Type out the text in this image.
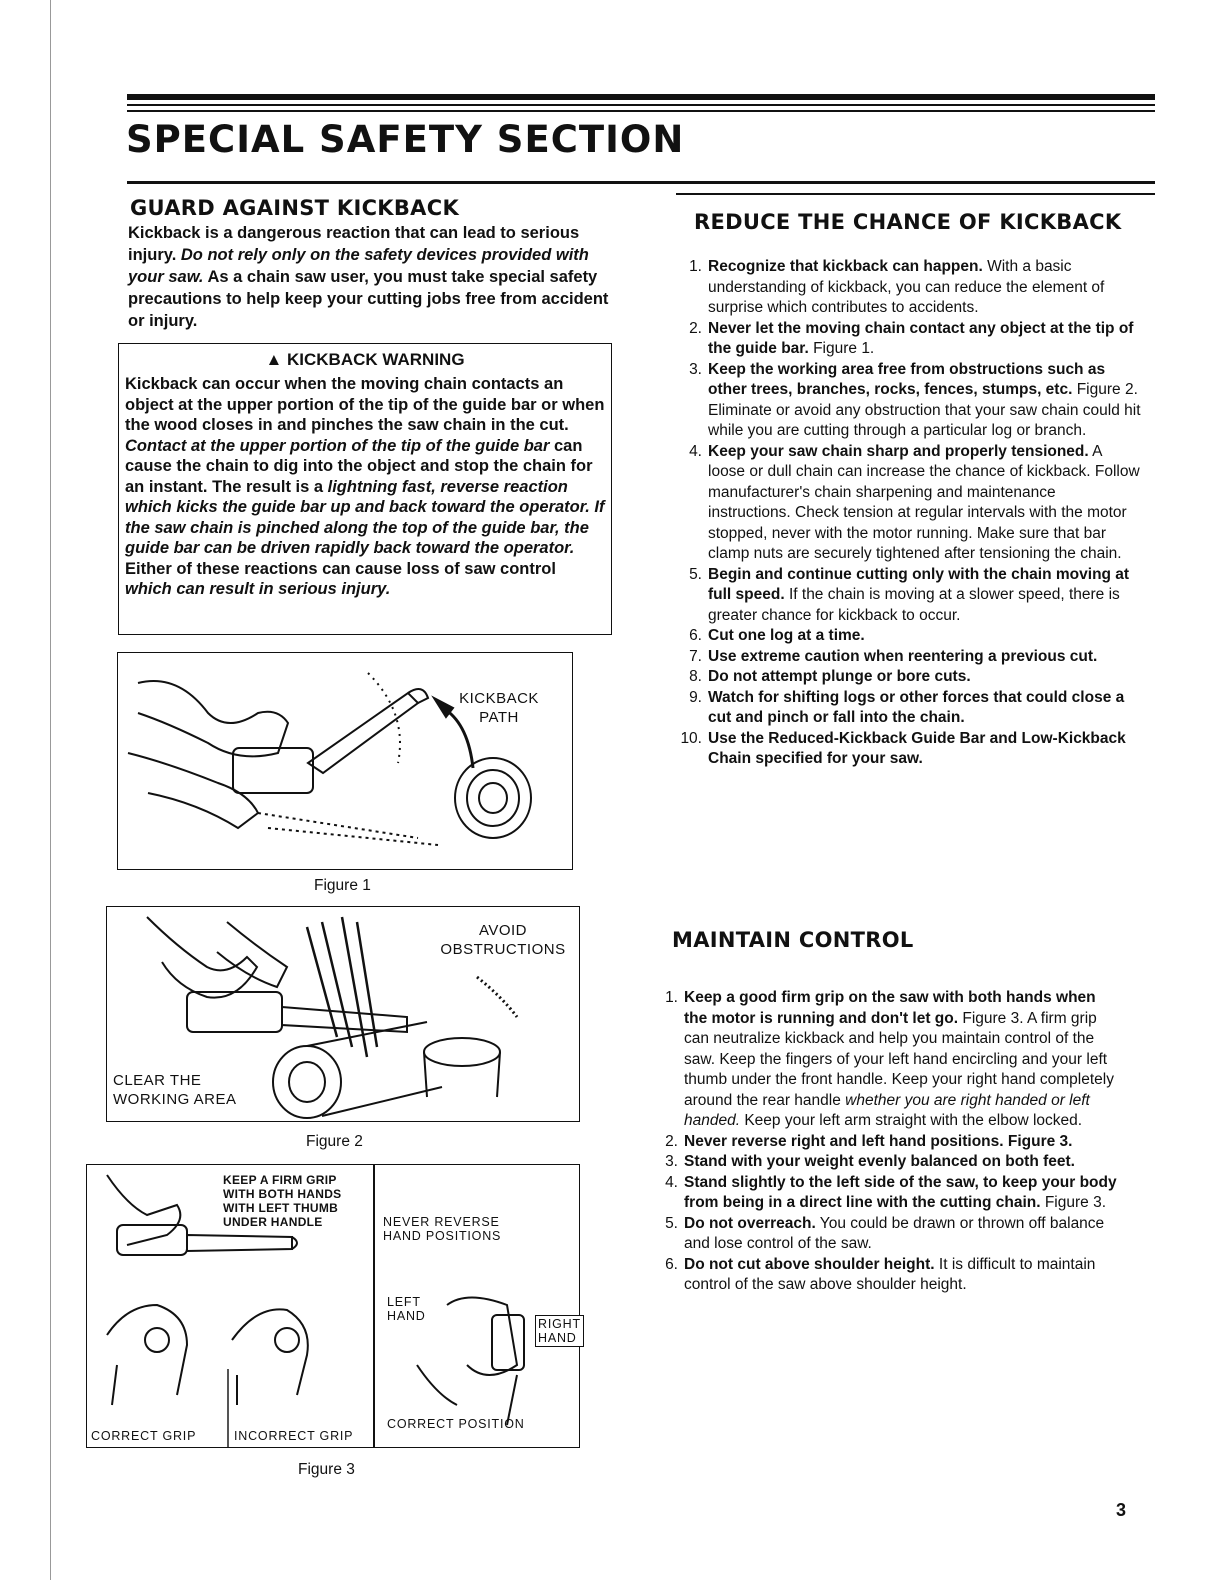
SPECIAL SAFETY SECTION
GUARD AGAINST KICKBACK

Kickback is a dangerous reaction that can lead to serious injury. Do not rely only on the safety devices provided with your saw. As a chain saw user, you must take special safety precautions to help keep your cutting jobs free from accident or injury.

▲ KICKBACK WARNING

Kickback can occur when the moving chain contacts an object at the upper portion of the tip of the guide bar or when the wood closes in and pinches the saw chain in the cut. Contact at the upper portion of the tip of the guide bar can cause the chain to dig into the object and stop the chain for an instant. The result is a lightning fast, reverse reaction which kicks the guide bar up and back toward the operator. If the saw chain is pinched along the top of the guide bar, the guide bar can be driven rapidly back toward the operator. Either of these reactions can cause loss of saw control which can result in serious injury.

KICKBACK
PATH
Figure 1
AVOID
OBSTRUCTIONS
CLEAR THE
WORKING AREA
Figure 2
KEEP A FIRM GRIP
WITH BOTH HANDS
WITH LEFT THUMB
UNDER HANDLE	NEVER REVERSE
HAND POSITIONS
LEFT
HAND
RIGHT
HAND
CORRECT GRIP	INCORRECT GRIP
CORRECT POSITION
Figure 3
REDUCE THE CHANCE OF KICKBACK
1. Recognize that kickback can happen. With a basic understanding of kickback, you can reduce the element of surprise which contributes to accidents.
2. Never let the moving chain contact any object at the tip of the guide bar. Figure 1.
3. Keep the working area free from obstructions such as other trees, branches, rocks, fences, stumps, etc. Figure 2. Eliminate or avoid any obstruction that your saw chain could hit while you are cutting through a particular log or branch.
4. Keep your saw chain sharp and properly tensioned. A loose or dull chain can increase the chance of kickback. Follow manufacturer's chain sharpening and maintenance instructions. Check tension at regular intervals with the motor stopped, never with the motor running. Make sure that bar clamp nuts are securely tightened after tensioning the chain.
5. Begin and continue cutting only with the chain moving at full speed. If the chain is moving at a slower speed, there is greater chance for kickback to occur.
6. Cut one log at a time.
7. Use extreme caution when reentering a previous cut.
8. Do not attempt plunge or bore cuts.
9. Watch for shifting logs or other forces that could close a cut and pinch or fall into the chain.
10. Use the Reduced-Kickback Guide Bar and Low-Kickback Chain specified for your saw.
MAINTAIN CONTROL
1. Keep a good firm grip on the saw with both hands when the motor is running and don't let go. Figure 3. A firm grip can neutralize kickback and help you maintain control of the saw. Keep the fingers of your left hand encircling and your left thumb under the front handle. Keep your right hand completely around the rear handle whether you are right handed or left handed. Keep your left arm straight with the elbow locked.
2. Never reverse right and left hand positions. Figure 3.
3. Stand with your weight evenly balanced on both feet.
4. Stand slightly to the left side of the saw, to keep your body from being in a direct line with the cutting chain. Figure 3.
5. Do not overreach. You could be drawn or thrown off balance and lose control of the saw.
6. Do not cut above shoulder height. It is difficult to maintain control of the saw above shoulder height.
3
